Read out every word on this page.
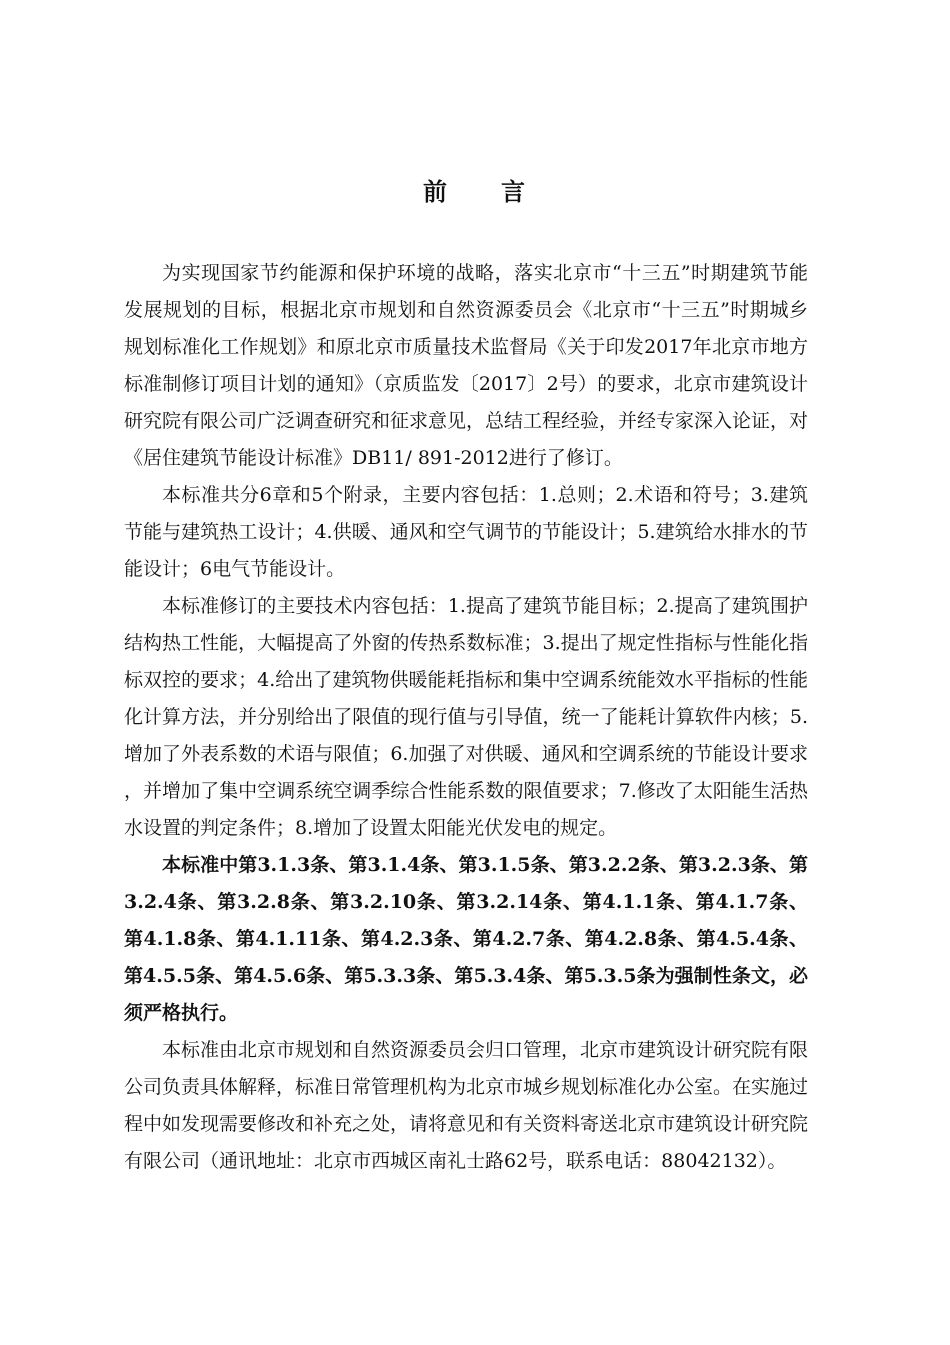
前　　言

为实现国家节约能源和保护环境的战略，落实北京市“十三五”时期建筑节能发展规划的目标，根据北京市规划和自然资源委员会《北京市“十三五”时期城乡规划标准化工作规划》和原北京市质量技术监督局《关于印发2017年北京市地方标准制修订项目计划的通知》（京质监发〔2017〕2号）的要求，北京市建筑设计研究院有限公司广泛调查研究和征求意见，总结工程经验，并经专家深入论证，对《居住建筑节能设计标准》DB11/ 891-2012进行了修订。

本标准共分6章和5个附录，主要内容包括：1.总则；2.术语和符号；3.建筑节能与建筑热工设计；4.供暖、通风和空气调节的节能设计；5.建筑给水排水的节能设计；6电气节能设计。

本标准修订的主要技术内容包括：1.提高了建筑节能目标；2.提高了建筑围护结构热工性能，大幅提高了外窗的传热系数标准；3.提出了规定性指标与性能化指标双控的要求；4.给出了建筑物供暖能耗指标和集中空调系统能效水平指标的性能化计算方法，并分别给出了限值的现行值与引导值，统一了能耗计算软件内核；5.增加了外表系数的术语与限值；6.加强了对供暖、通风和空调系统的节能设计要求，并增加了集中空调系统空调季综合性能系数的限值要求；7.修改了太阳能生活热水设置的判定条件；8.增加了设置太阳能光伏发电的规定。

本标准中第3.1.3条、第3.1.4条、第3.1.5条、第3.2.2条、第3.2.3条、第3.2.4条、第3.2.8条、第3.2.10条、第3.2.14条、第4.1.1条、第4.1.7条、第4.1.8条、第4.1.11条、第4.2.3条、第4.2.7条、第4.2.8条、第4.5.4条、第4.5.5条、第4.5.6条、第5.3.3条、第5.3.4条、第5.3.5条为强制性条文，必须严格执行。

本标准由北京市规划和自然资源委员会归口管理，北京市建筑设计研究院有限公司负责具体解释，标准日常管理机构为北京市城乡规划标准化办公室。在实施过程中如发现需要修改和补充之处，请将意见和有关资料寄送北京市建筑设计研究院有限公司（通讯地址：北京市西城区南礼士路62号，联系电话：88042132）。
